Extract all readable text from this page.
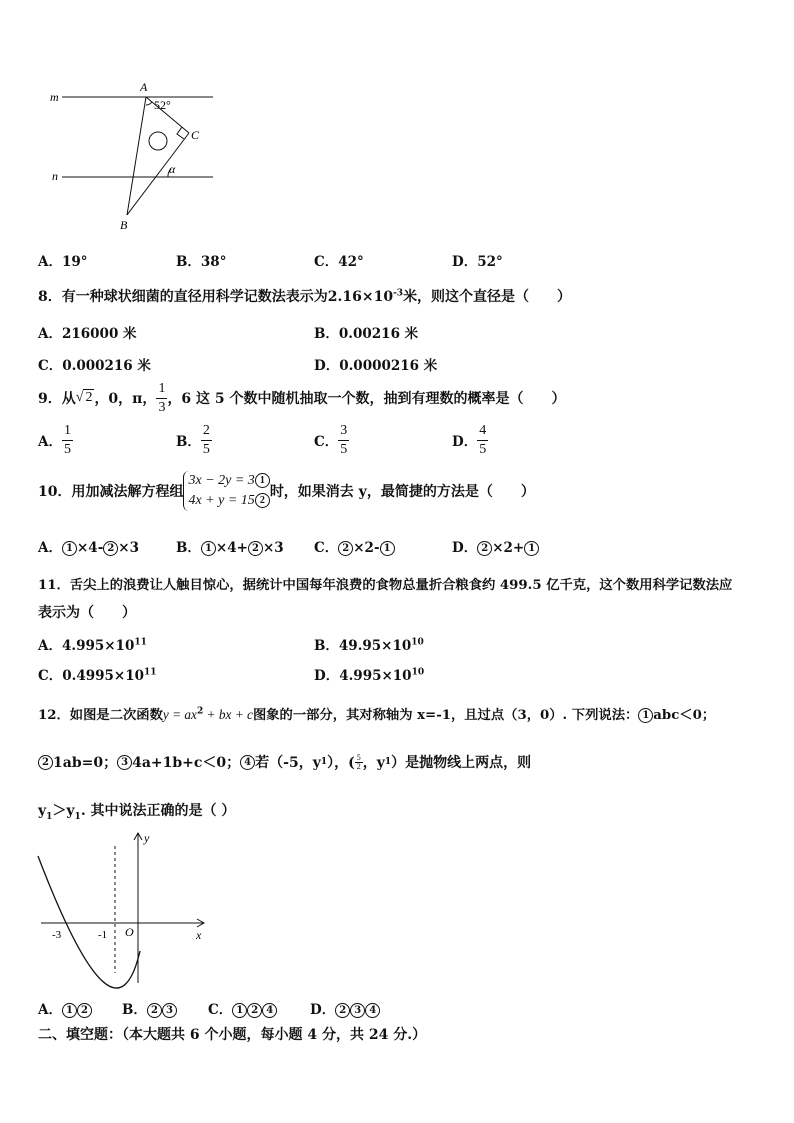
m
n
A
B
C
52°
α
A．19°	B．38°	C．42°	D．52°
8．有一种球状细菌的直径用科学记数法表示为$2.16\times 10^{-3}$米，则这个直径是（　　）
A．216000 米	B．0.00216 米
C．0.000216 米	D．0.0000216 米
9． 从 √ 2 ，0，π， $\frac{1}{3}$ ，6 这 5 个数中随机抽取一个数，抽到有理数的概率是（　　）
A． $\frac{1}{5}$	B． $\frac{2}{5}$	C． $\frac{3}{5}$	D． $\frac{4}{5}$
10． 用加减法解方程组
3x − 2y = 3 1
4x + y = 15 2
时，如果消去 y，最简捷的方法是（　　）
A． 1 ×4- 2 ×3	B． 1 ×4+ 2 ×3 C． 2 ×2- 1	D． 2 ×2+ 1
11．舌尖上的浪费让人触目惊心，据统计中国每年浪费的食物总量折合粮食约 499.5 亿千克，这个数用科学记数法应
表示为（　　）
A．$4.995\times 10^{11}$	B．$49.95\times 10^{10}$
C．$0.4995\times 10^{11}$	D．$4.995\times 10^{10}$
12．如图是二次函数$y = ax^2$ + bx + c图象的一部分，其对称轴为 x=-1，且过点（3，0）. 下列说法： 1 abc＜0；
2 1ab=0； 3 4a+1b+c＜0； 4 若（-5，y 1 ），( $\frac{5}{2}$ ，y 1 ）是抛物线上两点，则
$y_1>y_1$. 其中说法正确的是（ ）
y
x
O
-3	-1
A． 1 2	B． 2 3	C． 1 2 4	D． 2 3 4
二、填空题：（本大题共 6 个小题，每小题 4 分，共 24 分.）
